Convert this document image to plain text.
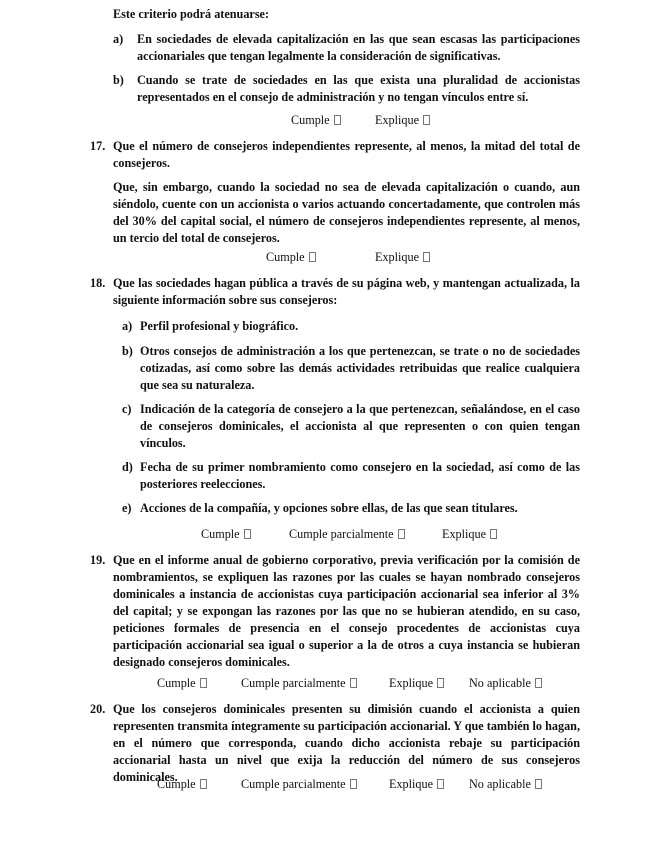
Este criterio podrá atenuarse:
a) En sociedades de elevada capitalización en las que sean escasas las participaciones accionariales que tengan legalmente la consideración de significativas.
b) Cuando se trate de sociedades en las que exista una pluralidad de accionistas representados en el consejo de administración y no tengan vínculos entre sí.
Cumple	Explique
17. Que el número de consejeros independientes represente, al menos, la mitad del total de consejeros.
Que, sin embargo, cuando la sociedad no sea de elevada capitalización o cuando, aun siéndolo, cuente con un accionista o varios actuando concertadamente, que controlen más del 30% del capital social, el número de consejeros independientes represente, al menos, un tercio del total de consejeros.
Cumple	Explique
18. Que las sociedades hagan pública a través de su página web, y mantengan actualizada, la siguiente información sobre sus consejeros:
a) Perfil profesional y biográfico.
b) Otros consejos de administración a los que pertenezcan, se trate o no de sociedades cotizadas, así como sobre las demás actividades retribuidas que realice cualquiera que sea su naturaleza.
c) Indicación de la categoría de consejero a la que pertenezcan, señalándose, en el caso de consejeros dominicales, el accionista al que representen o con quien tengan vínculos.
d) Fecha de su primer nombramiento como consejero en la sociedad, así como de las posteriores reelecciones.
e) Acciones de la compañía, y opciones sobre ellas, de las que sean titulares.
Cumple	Cumple parcialmente	Explique
19. Que en el informe anual de gobierno corporativo, previa verificación por la comisión de nombramientos, se expliquen las razones por las cuales se hayan nombrado consejeros dominicales a instancia de accionistas cuya participación accionarial sea inferior al 3% del capital; y se expongan las razones por las que no se hubieran atendido, en su caso, peticiones formales de presencia en el consejo procedentes de accionistas cuya participación accionarial sea igual o superior a la de otros a cuya instancia se hubieran designado consejeros dominicales.
Cumple	Cumple parcialmente	Explique	No aplicable
20. Que los consejeros dominicales presenten su dimisión cuando el accionista a quien representen transmita íntegramente su participación accionarial. Y que también lo hagan, en el número que corresponda, cuando dicho accionista rebaje su participación accionarial hasta un nivel que exija la reducción del número de sus consejeros dominicales.
Cumple	Cumple parcialmente	Explique	No aplicable
